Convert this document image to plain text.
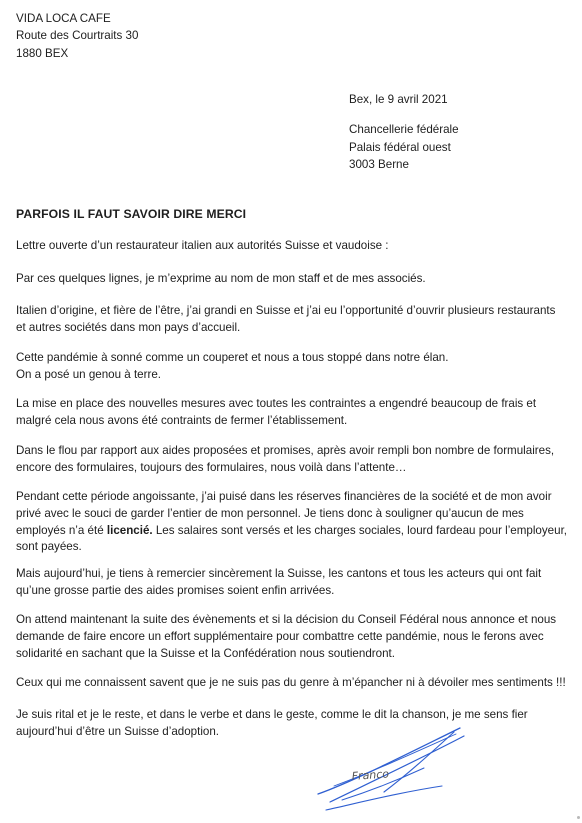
VIDA LOCA CAFE
Route des Courtraits 30
1880 BEX

Bex, le 9 avril 2021

Chancellerie fédérale
Palais fédéral ouest
3003 Berne
PARFOIS IL FAUT SAVOIR DIRE MERCI

Lettre ouverte d’un restaurateur italien aux autorités Suisse et vaudoise :

Par ces quelques lignes, je m’exprime au nom de mon staff et de mes associés.

Italien d’origine, et fière de l’être, j’ai grandi en Suisse et j’ai eu l’opportunité d’ouvrir plusieurs restaurants
et autres sociétés dans mon pays d’accueil.

Cette pandémie à sonné comme un couperet et nous a tous stoppé dans notre élan.
On a posé un genou à terre.

La mise en place des nouvelles mesures avec toutes les contraintes a engendré beaucoup de frais et
malgré cela nous avons été contraints de fermer l’établissement.

Dans le flou par rapport aux aides proposées et promises, après avoir rempli bon nombre de formulaires,
encore des formulaires, toujours des formulaires, nous voilà dans l’attente…

Pendant cette période angoissante, j’ai puisé dans les réserves financières de la société et de mon avoir
privé avec le souci de garder l’entier de mon personnel. Je tiens donc à souligner qu’aucun de mes
employés n’a été licencié. Les salaires sont versés et les charges sociales, lourd fardeau pour l’employeur,
sont payées.

Mais aujourd’hui, je tiens à remercier sincèrement la Suisse, les cantons et tous les acteurs qui ont fait
qu’une grosse partie des aides promises soient enfin arrivées.

On attend maintenant la suite des évènements et si la décision du Conseil Fédéral nous annonce et nous
demande de faire encore un effort supplémentaire pour combattre cette pandémie, nous le ferons avec
solidarité en sachant que la Suisse et la Confédération nous soutiendront.

Ceux qui me connaissent savent que je ne suis pas du genre à m’épancher ni à dévoiler mes sentiments !!!

Je suis rital et je le reste, et dans le verbe et dans le geste, comme le dit la chanson, je me sens fier
aujourd’hui d’être un Suisse d’adoption.

Franco
